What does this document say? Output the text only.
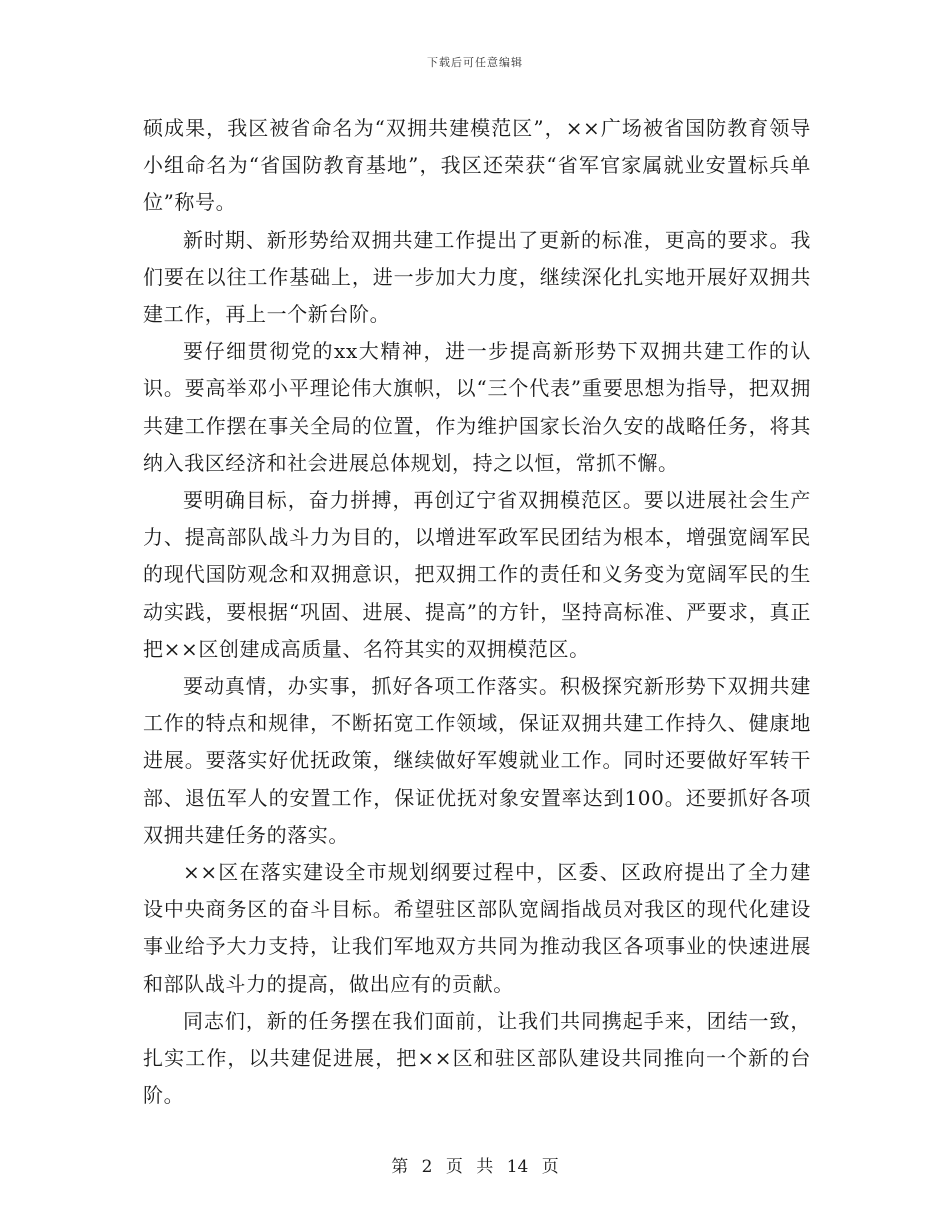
下载后可任意编辑

硕成果，我区被省命名为“双拥共建模范区”，××广场被省国防教育领导小组命名为“省国防教育基地”，我区还荣获“省军官家属就业安置标兵单位”称号。

新时期、新形势给双拥共建工作提出了更新的标准，更高的要求。我们要在以往工作基础上，进一步加大力度，继续深化扎实地开展好双拥共建工作，再上一个新台阶。

要仔细贯彻党的xx大精神，进一步提高新形势下双拥共建工作的认识。要高举邓小平理论伟大旗帜，以“三个代表”重要思想为指导，把双拥共建工作摆在事关全局的位置，作为维护国家长治久安的战略任务，将其纳入我区经济和社会进展总体规划，持之以恒，常抓不懈。

要明确目标，奋力拼搏，再创辽宁省双拥模范区。要以进展社会生产力、提高部队战斗力为目的，以增进军政军民团结为根本，增强宽阔军民的现代国防观念和双拥意识，把双拥工作的责任和义务变为宽阔军民的生动实践，要根据“巩固、进展、提高”的方针，坚持高标准、严要求，真正把××区创建成高质量、名符其实的双拥模范区。

要动真情，办实事，抓好各项工作落实。积极探究新形势下双拥共建工作的特点和规律，不断拓宽工作领域，保证双拥共建工作持久、健康地进展。要落实好优抚政策，继续做好军嫂就业工作。同时还要做好军转干部、退伍军人的安置工作，保证优抚对象安置率达到100。还要抓好各项双拥共建任务的落实。

××区在落实建设全市规划纲要过程中，区委、区政府提出了全力建设中央商务区的奋斗目标。希望驻区部队宽阔指战员对我区的现代化建设事业给予大力支持，让我们军地双方共同为推动我区各项事业的快速进展和部队战斗力的提高，做出应有的贡献。

同志们，新的任务摆在我们面前，让我们共同携起手来，团结一致，扎实工作，以共建促进展，把××区和驻区部队建设共同推向一个新的台阶。

第 2 页 共 14 页
